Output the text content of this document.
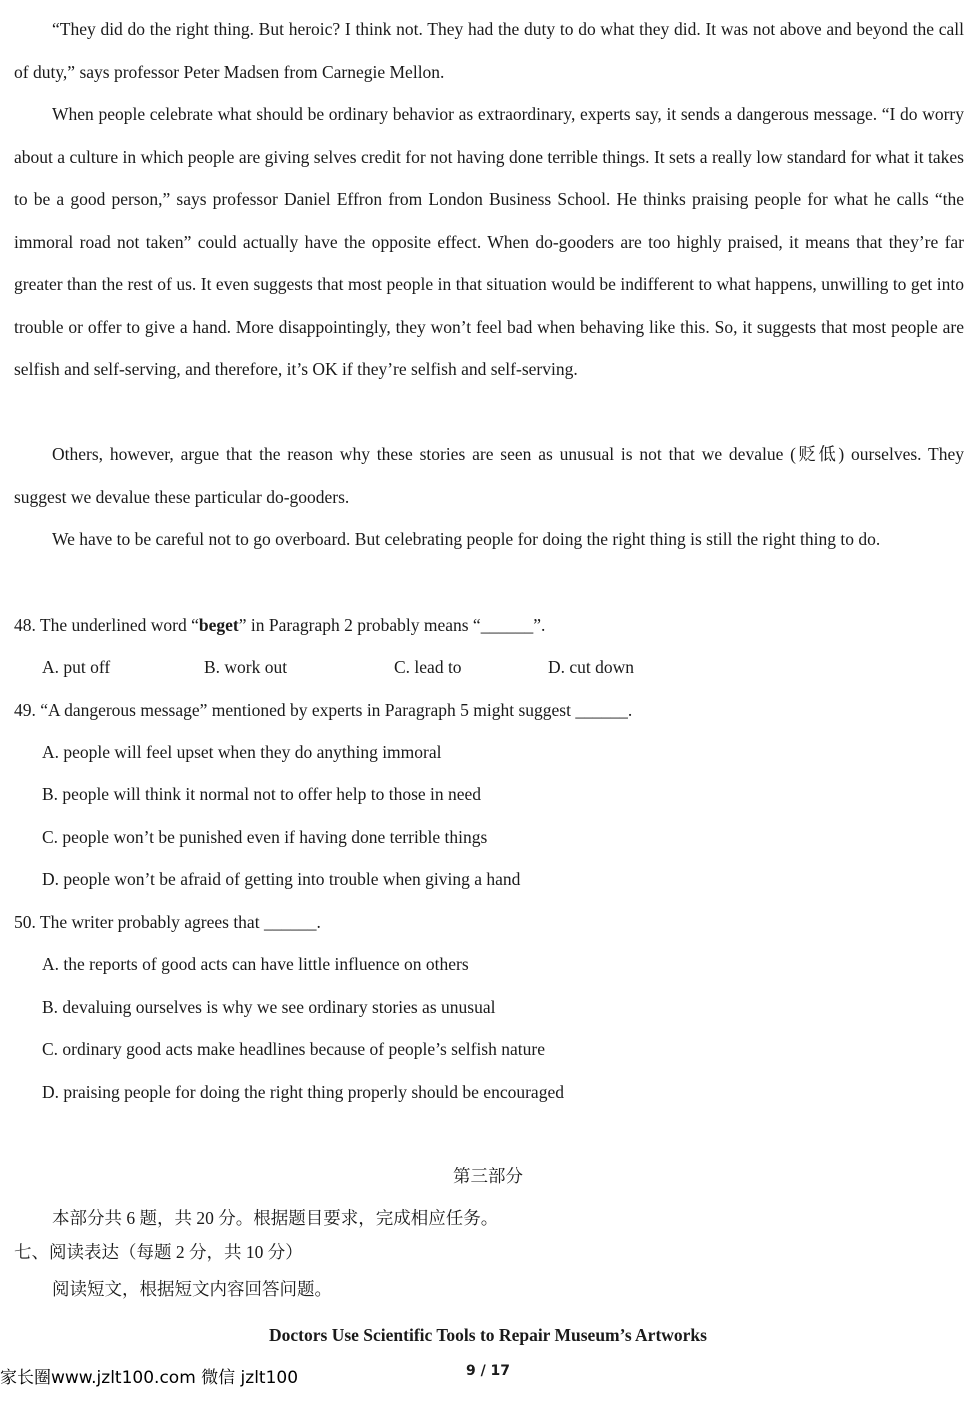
“They did do the right thing. But heroic? I think not. They had the duty to do what they did. It was not above and beyond the call of duty,” says professor Peter Madsen from Carnegie Mellon.

When people celebrate what should be ordinary behavior as extraordinary, experts say, it sends a dangerous message. “I do worry about a culture in which people are giving selves credit for not having done terrible things. It sets a really low standard for what it takes to be a good person,” says professor Daniel Effron from London Business School. He thinks praising people for what he calls “the immoral road not taken” could actually have the opposite effect. When do-gooders are too highly praised, it means that they’re far greater than the rest of us. It even suggests that most people in that situation would be indifferent to what happens, unwilling to get into trouble or offer to give a hand. More disappointingly, they won’t feel bad when behaving like this. So, it suggests that most people are selfish and self-serving, and therefore, it’s OK if they’re selfish and self-serving.

Others, however, argue that the reason why these stories are seen as unusual is not that we devalue (贬低) ourselves. They suggest we devalue these particular do-gooders.

We have to be careful not to go overboard. But celebrating people for doing the right thing is still the right thing to do.

48. The underlined word “beget” in Paragraph 2 probably means “______”.
A. put off	B. work out	C. lead to	D. cut down
49. “A dangerous message” mentioned by experts in Paragraph 5 might suggest ______.
A. people will feel upset when they do anything immoral
B. people will think it normal not to offer help to those in need
C. people won’t be punished even if having done terrible things
D. people won’t be afraid of getting into trouble when giving a hand
50. The writer probably agrees that ______.
A. the reports of good acts can have little influence on others
B. devaluing ourselves is why we see ordinary stories as unusual
C. ordinary good acts make headlines because of people’s selfish nature
D. praising people for doing the right thing properly should be encouraged
第三部分
本部分共 6 题，共 20 分。根据题目要求，完成相应任务。
七、阅读表达（每题 2 分，共 10 分）
阅读短文，根据短文内容回答问题。
Doctors Use Scientific Tools to Repair Museum’s Artworks
9 / 17
家长圈www.jzlt100.com 微信 jzlt100
